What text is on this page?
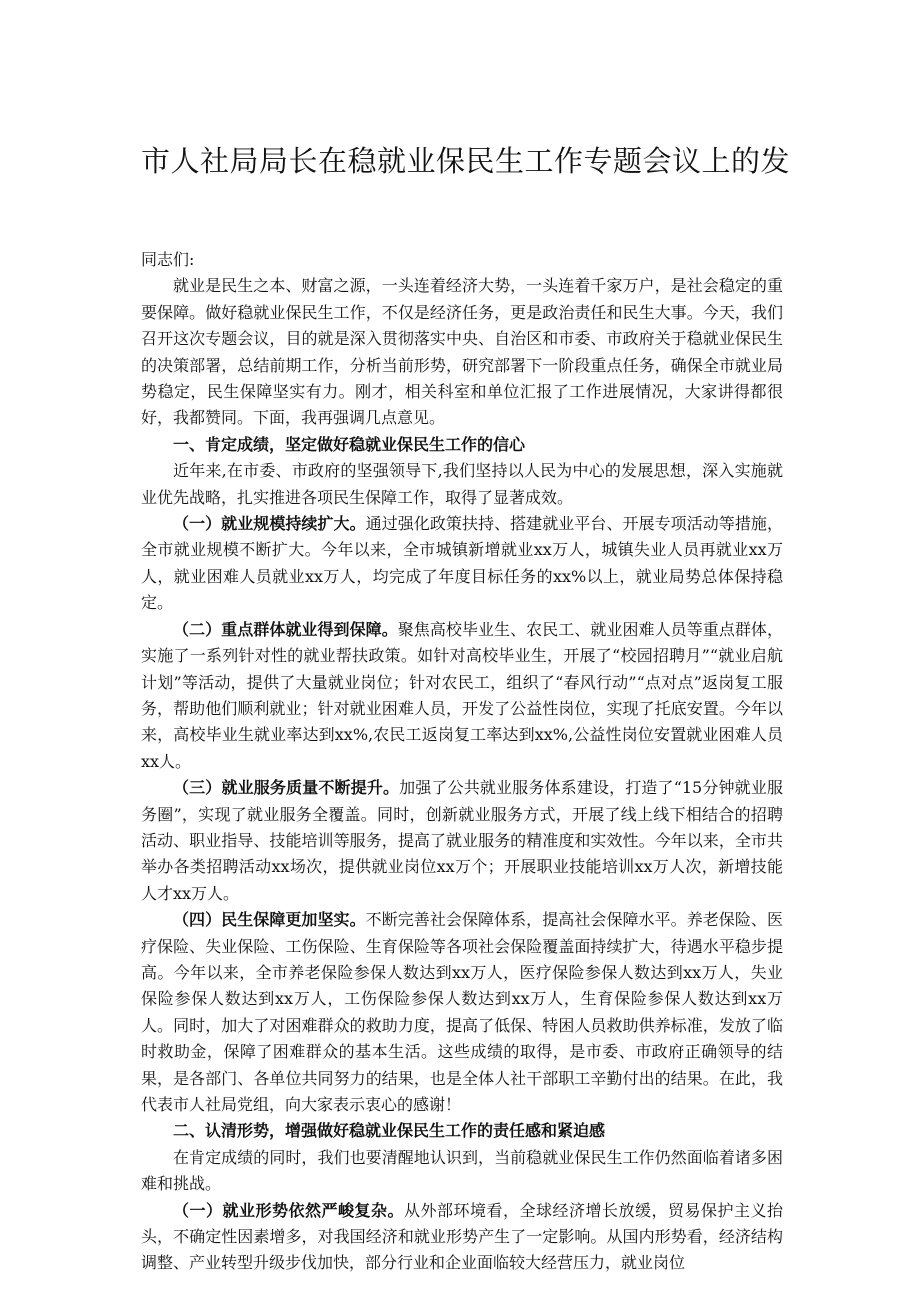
市人社局局长在稳就业保民生工作专题会议上的发

同志们:

就业是民生之本、财富之源，一头连着经济大势，一头连着千家万户，是社会稳定的重要保障。做好稳就业保民生工作，不仅是经济任务，更是政治责任和民生大事。今天，我们召开这次专题会议，目的就是深入贯彻落实中央、自治区和市委、市政府关于稳就业保民生的决策部署，总结前期工作，分析当前形势，研究部署下一阶段重点任务，确保全市就业局势稳定，民生保障坚实有力。刚才，相关科室和单位汇报了工作进展情况，大家讲得都很好，我都赞同。下面，我再强调几点意见。

一、肯定成绩，坚定做好稳就业保民生工作的信心

近年来,在市委、市政府的坚强领导下,我们坚持以人民为中心的发展思想，深入实施就业优先战略，扎实推进各项民生保障工作，取得了显著成效。

（一）就业规模持续扩大。通过强化政策扶持、搭建就业平台、开展专项活动等措施，全市就业规模不断扩大。今年以来，全市城镇新增就业xx万人，城镇失业人员再就业xx万人，就业困难人员就业xx万人，均完成了年度目标任务的xx%以上，就业局势总体保持稳定。

（二）重点群体就业得到保障。聚焦高校毕业生、农民工、就业困难人员等重点群体，实施了一系列针对性的就业帮扶政策。如针对高校毕业生，开展了“校园招聘月”“就业启航计划”等活动，提供了大量就业岗位；针对农民工，组织了“春风行动”“点对点”返岗复工服务，帮助他们顺利就业；针对就业困难人员，开发了公益性岗位，实现了托底安置。今年以来，高校毕业生就业率达到xx%,农民工返岗复工率达到xx%,公益性岗位安置就业困难人员xx人。

（三）就业服务质量不断提升。加强了公共就业服务体系建设，打造了“15分钟就业服务圈”，实现了就业服务全覆盖。同时，创新就业服务方式，开展了线上线下相结合的招聘活动、职业指导、技能培训等服务，提高了就业服务的精准度和实效性。今年以来，全市共举办各类招聘活动xx场次，提供就业岗位xx万个；开展职业技能培训xx万人次，新增技能人才xx万人。

（四）民生保障更加坚实。不断完善社会保障体系，提高社会保障水平。养老保险、医疗保险、失业保险、工伤保险、生育保险等各项社会保险覆盖面持续扩大，待遇水平稳步提高。今年以来，全市养老保险参保人数达到xx万人，医疗保险参保人数达到xx万人，失业保险参保人数达到xx万人，工伤保险参保人数达到xx万人，生育保险参保人数达到xx万人。同时，加大了对困难群众的救助力度，提高了低保、特困人员救助供养标准，发放了临时救助金，保障了困难群众的基本生活。这些成绩的取得，是市委、市政府正确领导的结果，是各部门、各单位共同努力的结果，也是全体人社干部职工辛勤付出的结果。在此，我代表市人社局党组，向大家表示衷心的感谢！

二、认清形势，增强做好稳就业保民生工作的责任感和紧迫感

在肯定成绩的同时，我们也要清醒地认识到，当前稳就业保民生工作仍然面临着诸多困难和挑战。

（一）就业形势依然严峻复杂。从外部环境看，全球经济增长放缓，贸易保护主义抬头，不确定性因素增多，对我国经济和就业形势产生了一定影响。从国内形势看，经济结构调整、产业转型升级步伐加快，部分行业和企业面临较大经营压力，就业岗位
